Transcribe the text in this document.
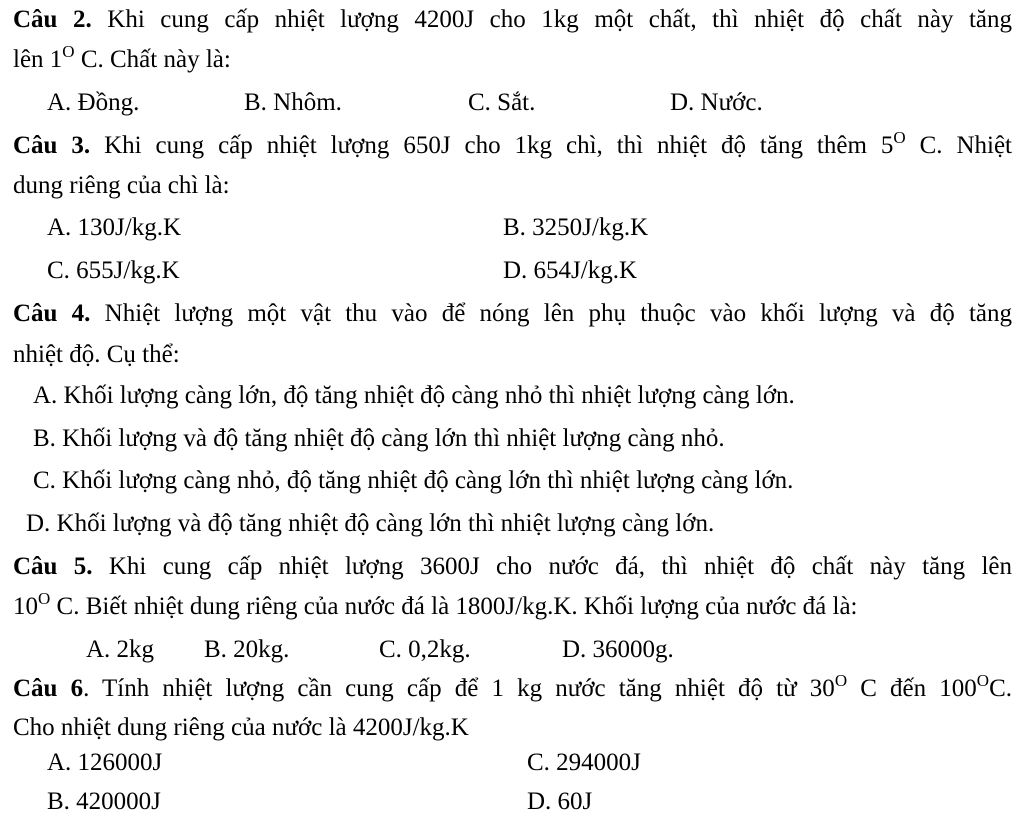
Câu 2. Khi cung cấp nhiệt lượng 4200J cho 1kg một chất, thì nhiệt độ chất này tăng
lên $1^O$ C. Chất này là:
A. Đồng.	B. Nhôm.	C. Sắt.	D. Nước.
Câu 3. Khi cung cấp nhiệt lượng 650J cho 1kg chì, thì nhiệt độ tăng thêm $5^O$ C. Nhiệt
dung riêng của chì là:
A. 130J/kg.K	B. 3250J/kg.K
C. 655J/kg.K	D. 654J/kg.K
Câu 4. Nhiệt lượng một vật thu vào để nóng lên phụ thuộc vào khối lượng và độ tăng
nhiệt độ. Cụ thể:
A. Khối lượng càng lớn, độ tăng nhiệt độ càng nhỏ thì nhiệt lượng càng lớn.
B. Khối lượng và độ tăng nhiệt độ càng lớn thì nhiệt lượng càng nhỏ.
C. Khối lượng càng nhỏ, độ tăng nhiệt độ càng lớn thì nhiệt lượng càng lớn.
D. Khối lượng và độ tăng nhiệt độ càng lớn thì nhiệt lượng càng lớn.
Câu 5. Khi cung cấp nhiệt lượng 3600J cho nước đá, thì nhiệt độ chất này tăng lên
$10^O$ C. Biết nhiệt dung riêng của nước đá là 1800J/kg.K. Khối lượng của nước đá là:
A. 2kg B. 20kg.	C. 0,2kg.	D. 36000g.
Câu 6. Tính nhiệt lượng cần cung cấp để 1 kg nước tăng nhiệt độ từ $30^O$ C đến $100^OC$.
Cho nhiệt dung riêng của nước là 4200J/kg.K
A. 126000J	C. 294000J
B. 420000J	D. 60J
